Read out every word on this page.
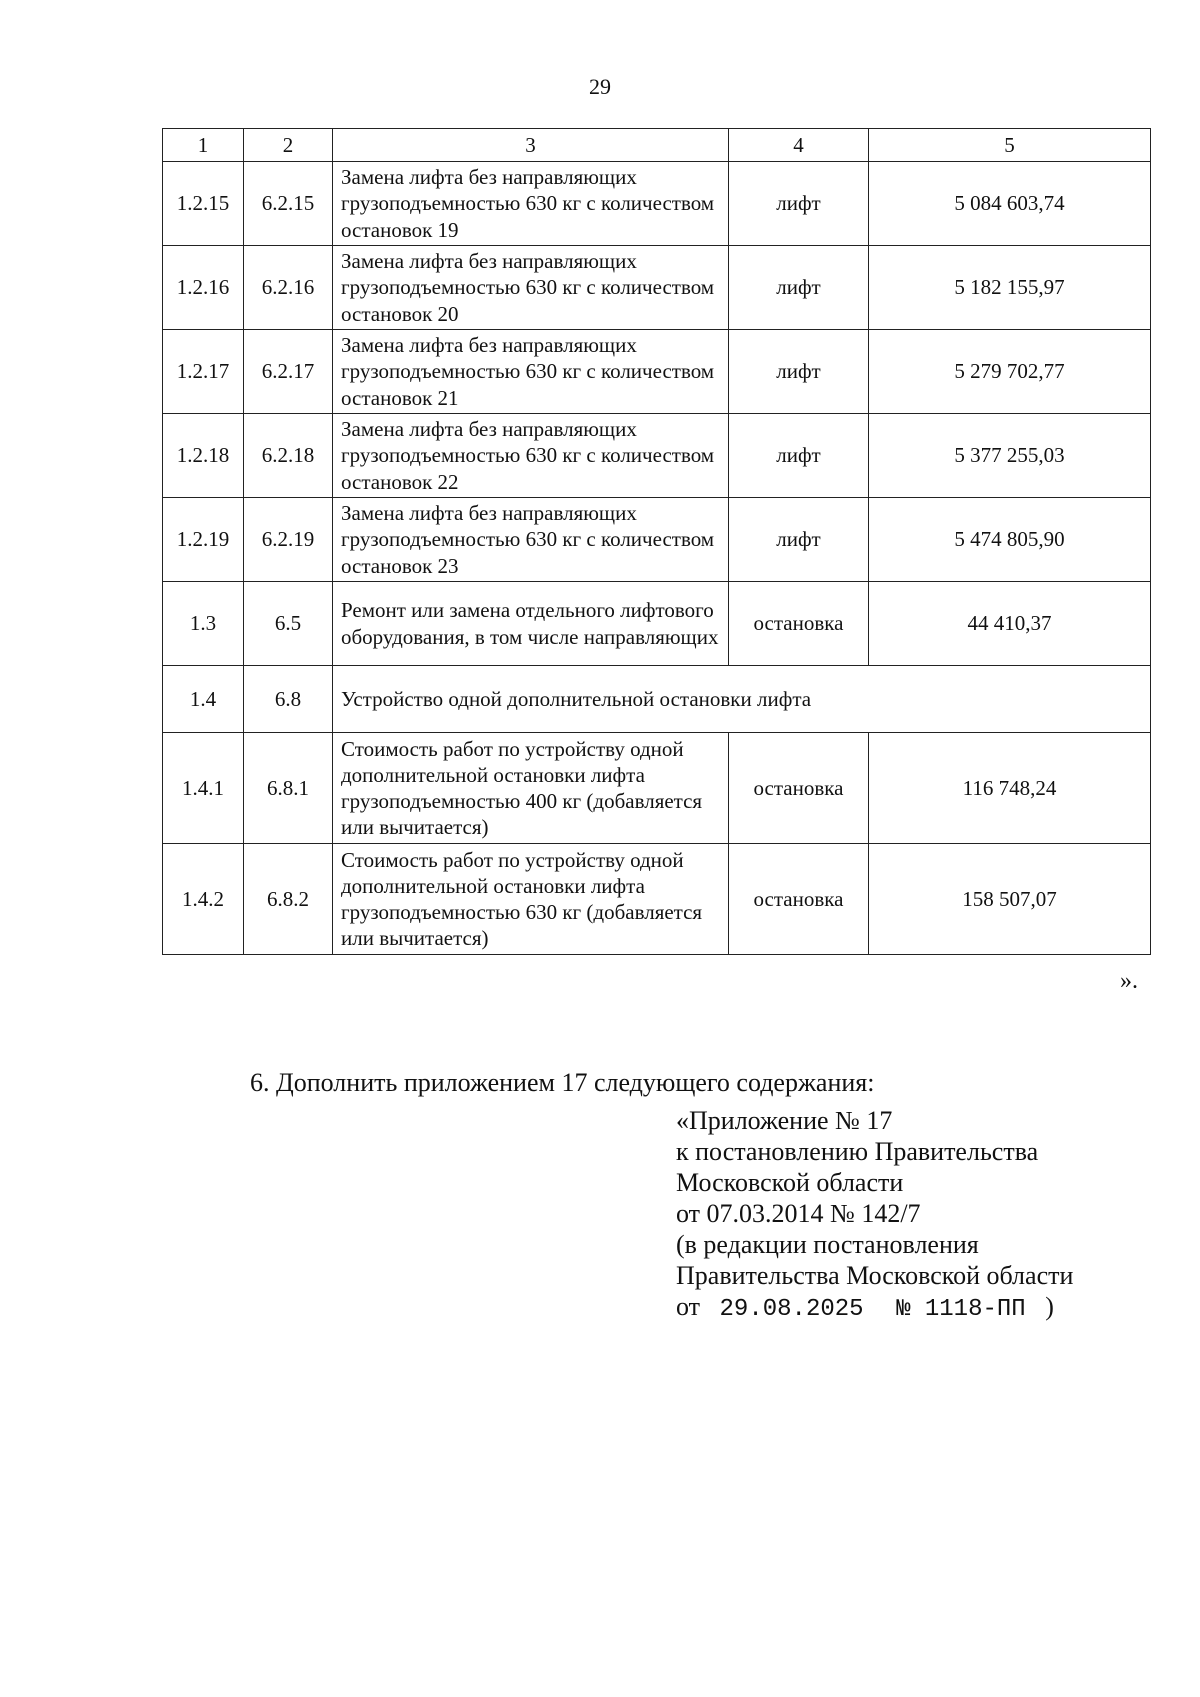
29
1	2	3	4	5
1.2.15	6.2.15	Замена лифта без направляющих грузоподъемностью 630 кг с количеством остановок 19	лифт	5 084 603,74
1.2.16	6.2.16	Замена лифта без направляющих грузоподъемностью 630 кг с количеством остановок 20	лифт	5 182 155,97
1.2.17	6.2.17	Замена лифта без направляющих грузоподъемностью 630 кг с количеством остановок 21	лифт	5 279 702,77
1.2.18	6.2.18	Замена лифта без направляющих грузоподъемностью 630 кг с количеством остановок 22	лифт	5 377 255,03
1.2.19	6.2.19	Замена лифта без направляющих грузоподъемностью 630 кг с количеством остановок 23	лифт	5 474 805,90
1.3	6.5	Ремонт или замена отдельного лифтового оборудования, в том числе направляющих	остановка	44 410,37
1.4	6.8	Устройство одной дополнительной остановки лифта		
1.4.1	6.8.1	Стоимость работ по устройству одной дополнительной остановки лифта грузоподъемностью 400 кг (добавляется или вычитается)	остановка	116 748,24
1.4.2	6.8.2	Стоимость работ по устройству одной дополнительной остановки лифта грузоподъемностью 630 кг (добавляется или вычитается)	остановка	158 507,07
».
6. Дополнить приложением 17 следующего содержания:
«Приложение № 17
к постановлению Правительства
Московской области
от 07.03.2014 № 142/7
(в редакции постановления
Правительства Московской области
от 29.08.2025 № 1118-ПП )
